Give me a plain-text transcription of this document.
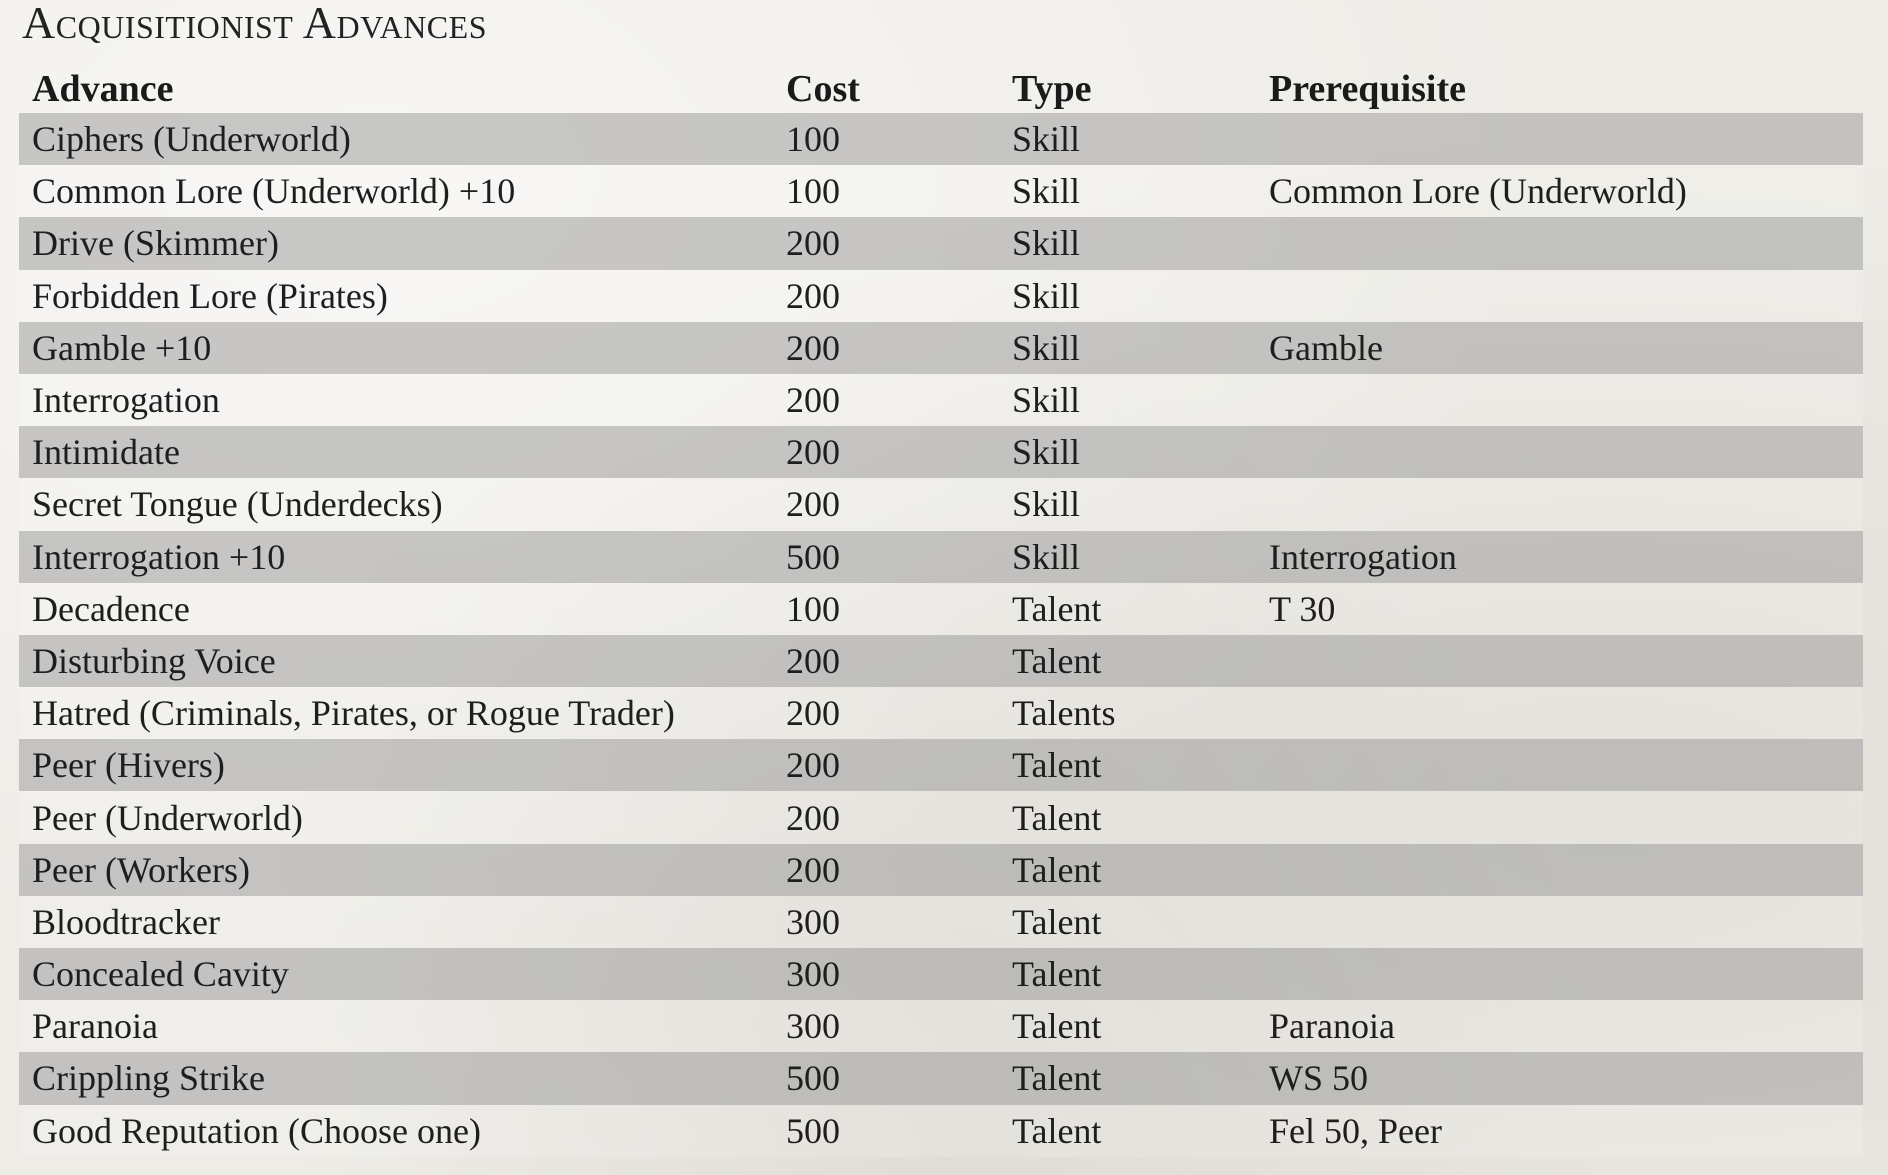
Acquisitionist Advances
Advance	Cost	Type	Prerequisite
Ciphers (Underworld)	100	Skill	
Common Lore (Underworld) +10	100	Skill	Common Lore (Underworld)
Drive (Skimmer)	200	Skill	
Forbidden Lore (Pirates)	200	Skill	
Gamble +10	200	Skill	Gamble
Interrogation	200	Skill	
Intimidate	200	Skill	
Secret Tongue (Underdecks)	200	Skill	
Interrogation +10	500	Skill	Interrogation
Decadence	100	Talent	T 30
Disturbing Voice	200	Talent	
Hatred (Criminals, Pirates, or Rogue Trader)	200	Talents	
Peer (Hivers)	200	Talent	
Peer (Underworld)	200	Talent	
Peer (Workers)	200	Talent	
Bloodtracker	300	Talent	
Concealed Cavity	300	Talent	
Paranoia	300	Talent	Paranoia
Crippling Strike	500	Talent	WS 50
Good Reputation (Choose one)	500	Talent	Fel 50, Peer
